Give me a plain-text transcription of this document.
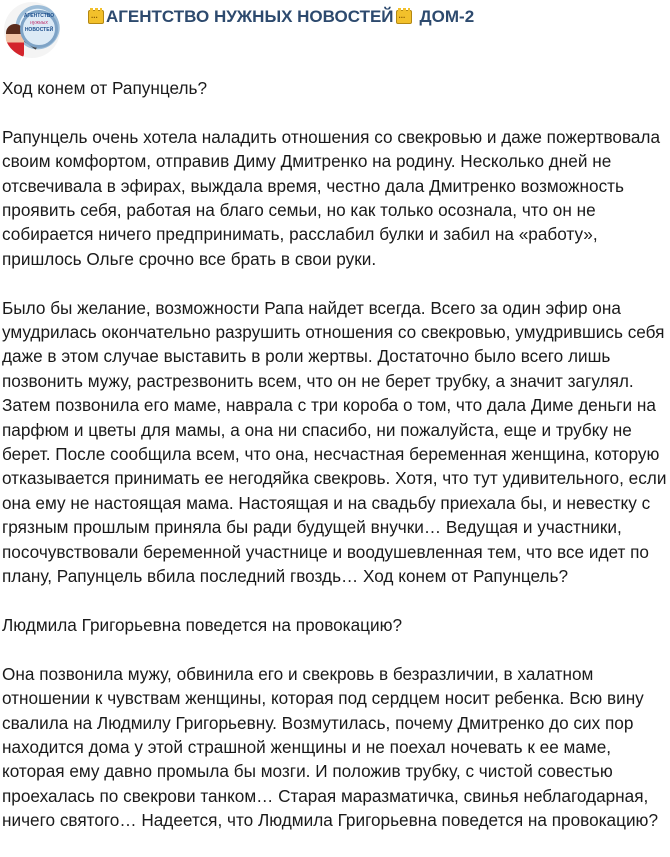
АГЕНТСТВО
нужных
НОВОСТЕЙ
...
АГЕНТСТВО НУЖНЫХ НОВОСТЕЙ ... ДОМ-2

Ход конем от Рапунцель?

Рапунцель очень хотела наладить отношения со свекровью и даже пожертвовала своим комфортом, отправив Диму Дмитренко на родину. Несколько дней не отсвечивала в эфирах, выждала время, честно дала Дмитренко возможность проявить себя, работая на благо семьи, но как только осознала, что он не собирается ничего предпринимать, расслабил булки и забил на «работу», пришлось Ольге срочно все брать в свои руки.

Было бы желание, возможности Рапа найдет всегда. Всего за один эфир она умудрилась окончательно разрушить отношения со свекровью, умудрившись себя даже в этом случае выставить в роли жертвы. Достаточно было всего лишь позвонить мужу, растрезвонить всем, что он не берет трубку, а значит загулял. Затем позвонила его маме, наврала с три короба о том, что дала Диме деньги на парфюм и цветы для мамы, а она ни спасибо, ни пожалуйста, еще и трубку не берет. После сообщила всем, что она, несчастная беременная женщина, которую отказывается принимать ее негодяйка свекровь. Хотя, что тут удивительного, если она ему не настоящая мама. Настоящая и на свадьбу приехала бы, и невестку с грязным прошлым приняла бы ради будущей внучки… Ведущая и участники, посочувствовали беременной участнице и воодушевленная тем, что все идет по плану, Рапунцель вбила последний гвоздь… Ход конем от Рапунцель?

Людмила Григорьевна поведется на провокацию?

Она позвонила мужу, обвинила его и свекровь в безразличии, в халатном отношении к чувствам женщины, которая под сердцем носит ребенка. Всю вину свалила на Людмилу Григорьевну. Возмутилась, почему Дмитренко до сих пор находится дома у этой страшной женщины и не поехал ночевать к ее маме, которая ему давно промыла бы мозги. И положив трубку, с чистой совестью проехалась по свекрови танком… Старая маразматичка, свинья неблагодарная, ничего святого… Надеется, что Людмила Григорьевна поведется на провокацию?
